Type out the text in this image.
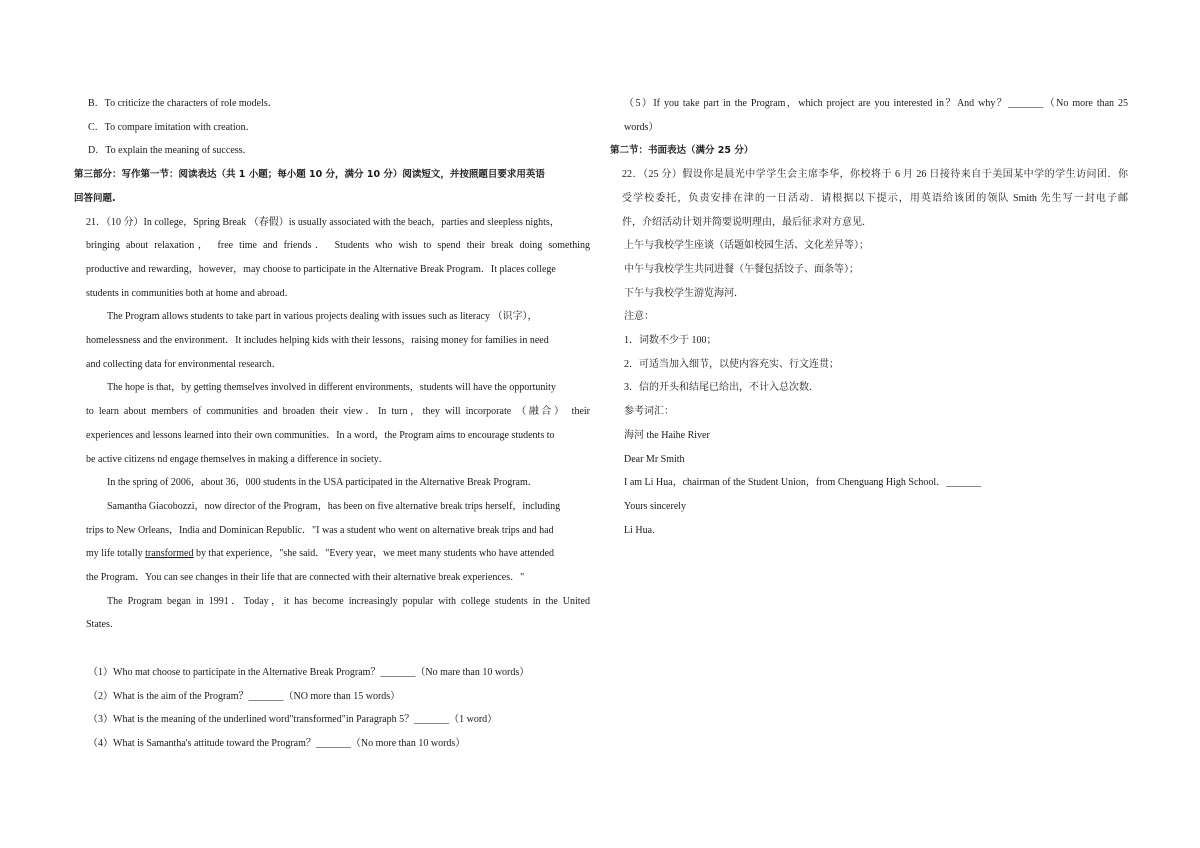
B．To criticize the characters of role models．
C．To compare imitation with creation．
D．To explain the meaning of success．
第三部分：写作第一节：阅读表达（共 1 小题；每小题 10 分，满分 10 分）阅读短文，并按照题目要求用英语
回答问题.
21．（10 分）In college，Spring Break （春假）is usually associated with the beach，parties and sleepless nights，
bringing about relaxation， free time and friends． Students who wish to spend their break doing something
productive and rewarding，however，may choose to participate in the Alternative Break Program．It places college
students in communities both at home and abroad．
The Program allows students to take part in various projects dealing with issues such as literacy （识字），
homelessness and the environment．It includes helping kids with their lessons，raising money for families in need
and collecting data for environmental research．
The hope is that，by getting themselves involved in different environments，students will have the opportunity
to learn about members of communities and broaden their view．In turn，they will incorporate （融合） their
experiences and lessons learned into their own communities．In a word，the Program aims to encourage students to
be active citizens nd engage themselves in making a difference in society．
In the spring of 2006，about 36，000 students in the USA participated in the Alternative Break Program．
Samantha Giacobozzi，now director of the Program，has been on five alternative break trips herself，including
trips to New Orleans，India and Dominican Republic．"I was a student who went on alternative break trips and had
my life totally transformed by that experience，"she said．"Every year，we meet many students who have attended
the Program．You can see changes in their life that are connected with their alternative break experiences．"
The Program began in 1991．Today，it has become increasingly popular with college students in the United
States．
（1）Who mat choose to participate in the Alternative Break Program？_______（No mare than 10 words）
（2）What is the aim of the Program？_______（NO more than 15 words）
（3）What is the meaning of the underlined word"transformed"in Paragraph 5？_______（1 word）
（4）What is Samantha's attitude toward the Program？_______（No more than 10 words）
（5）If you take part in the Program，which project are you interested in？And why？_______（No more than 25
words）
第二节：书面表达（满分 25 分）
22．（25 分）假设你是晨光中学学生会主席李华，你校将于 6 月 26 日接待来自于美国某中学的学生访问团．你
受学校委托，负责安排在津的一日活动．请根据以下提示，用英语给该团的领队 Smith 先生写一封电子邮
件，介绍活动计划并简要说明理由，最后征求对方意见．
上午与我校学生座谈（话题如校园生活、文化差异等）；
中午与我校学生共同进餐（午餐包括饺子、面条等）；
下午与我校学生游览海河．
注意：
1．词数不少于 100；
2．可适当加入细节，以使内容充实、行文连贯；
3．信的开头和结尾已给出，不计入总次数．
参考词汇：
海河 the Haihe River
Dear Mr Smith
I am Li Hua，chairman of the Student Union，from Chenguang High School．_______
Yours sincerely
Li Hua．
